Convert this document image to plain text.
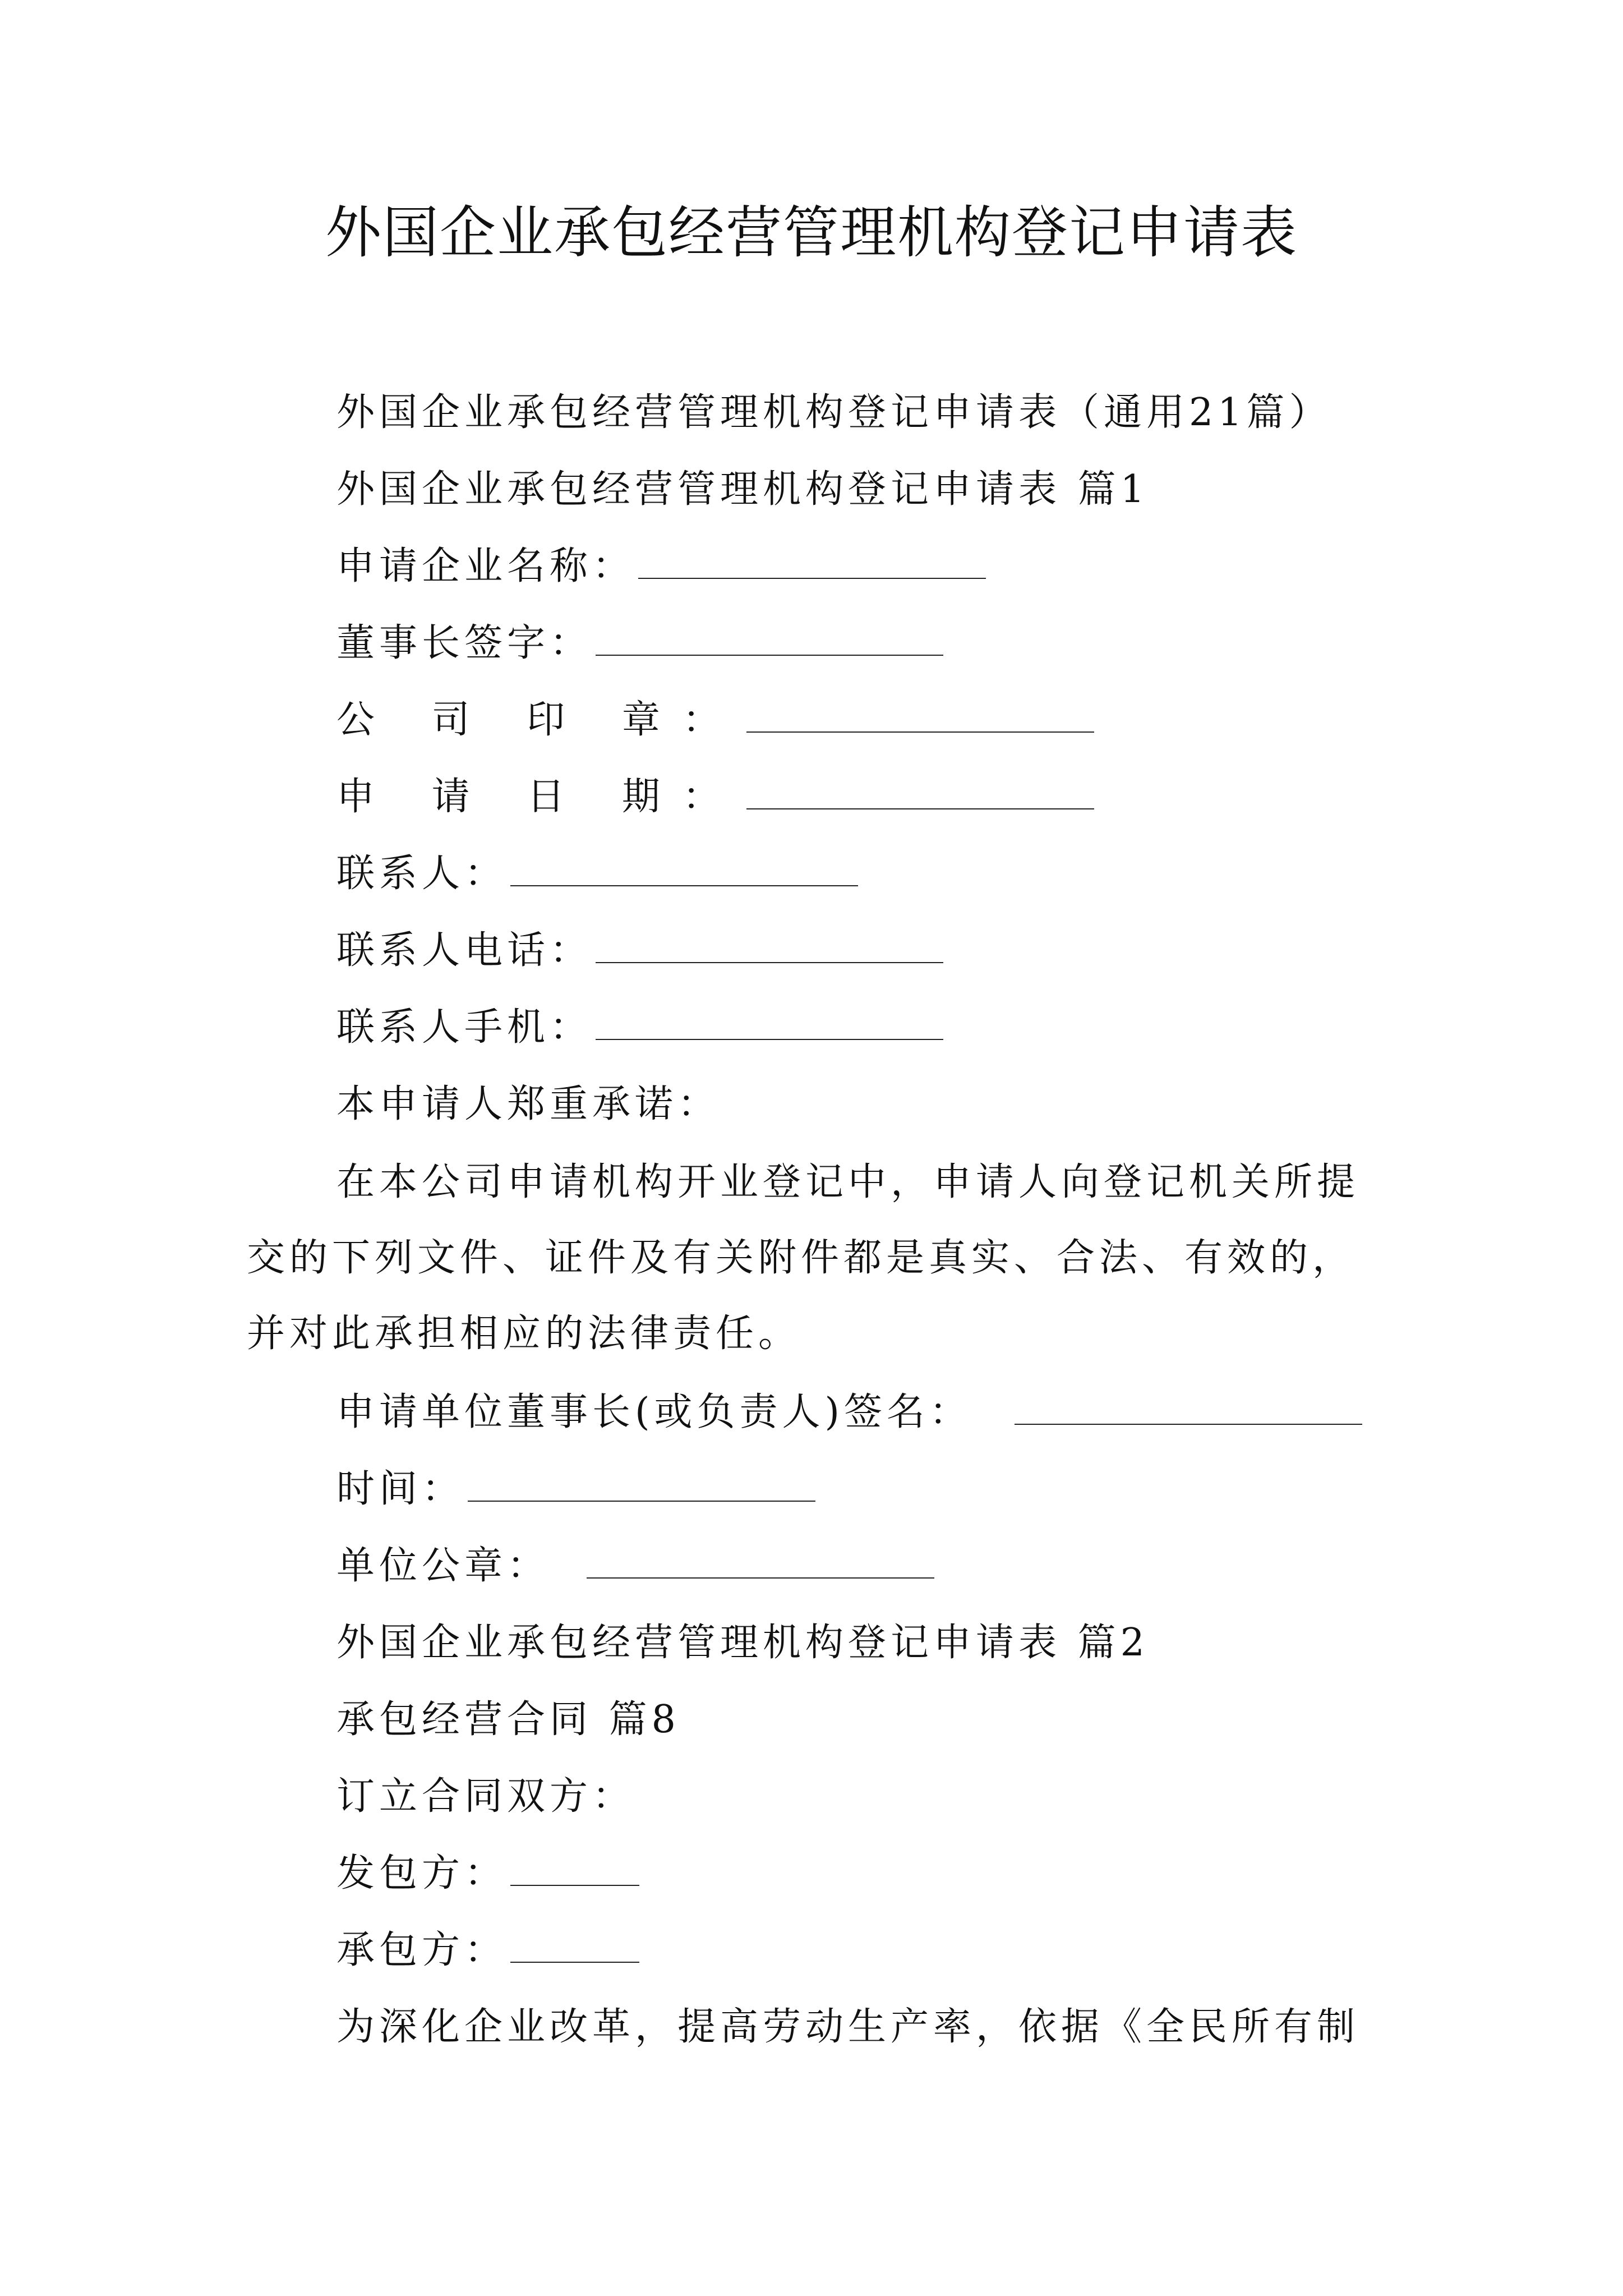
外国企业承包经营管理机构登记申请表
外国企业承包经营管理机构登记申请表（通用21篇）
外国企业承包经营管理机构登记申请表 篇1
申请企业名称：
董事长签字：
公 司 印 章：
申 请 日 期：
联系人：
联系人电话：
联系人手机：
本申请人郑重承诺：
在本公司申请机构开业登记中，申请人向登记机关所提交的下列文件、证件及有关附件都是真实、合法、有效的，并对此承担相应的法律责任。
申请单位董事长(或负责人)签名：
时间：
单位公章：
外国企业承包经营管理机构登记申请表 篇2
承包经营合同 篇8
订立合同双方：
发包方：
承包方：
为深化企业改革，提高劳动生产率，依据《全民所有制
